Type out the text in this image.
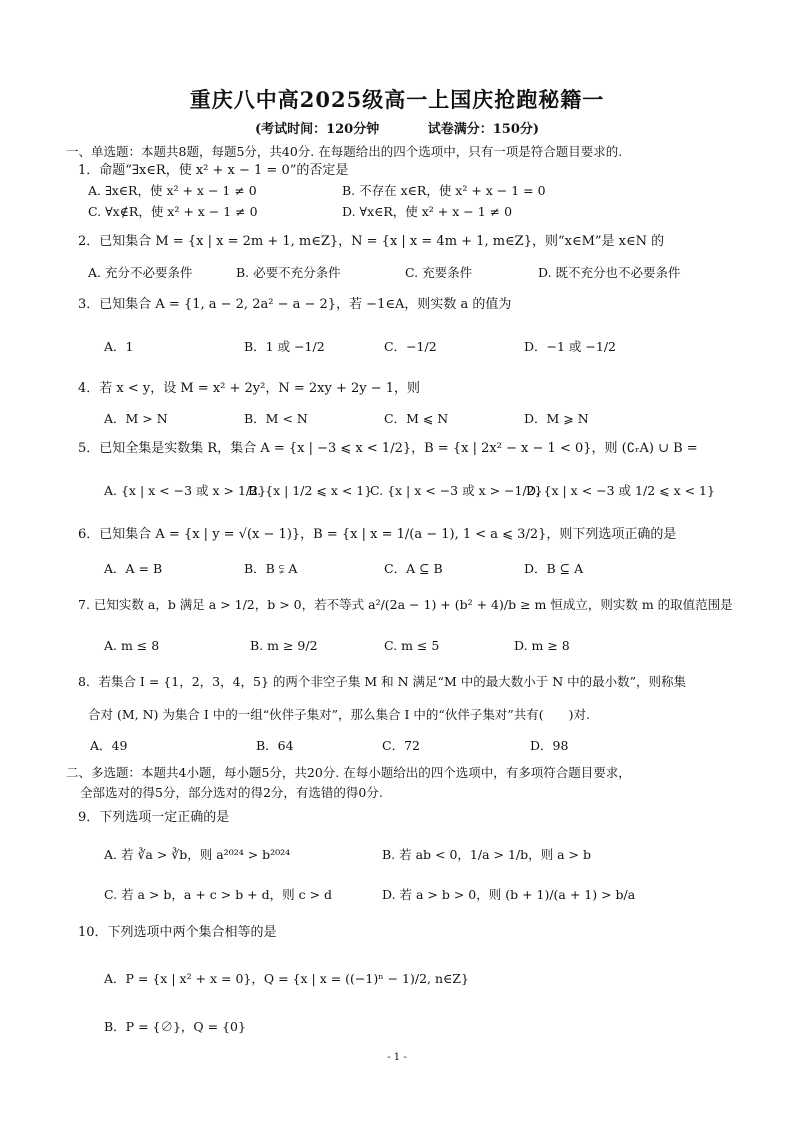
重庆八中高2025级高一上国庆抢跑秘籍一
(考试时间：120分钟	试卷满分：150分)
一、单选题：本题共8题，每题5分，共40分. 在每题给出的四个选项中，只有一项是符合题目要求的.
1．命题“∃x∈R，使 x² + x − 1 = 0”的否定是
A. ∃x∈R，使 x² + x − 1 ≠ 0	B. 不存在 x∈R，使 x² + x − 1 = 0
C. ∀x∉R，使 x² + x − 1 ≠ 0	D. ∀x∈R，使 x² + x − 1 ≠ 0
2．已知集合 M = {x | x = 2m + 1, m∈Z}，N = {x | x = 4m + 1, m∈Z}，则“x∈M”是 x∈N 的
A. 充分不必要条件	B. 必要不充分条件	C. 充要条件	D. 既不充分也不必要条件
3．已知集合 A = {1, a − 2, 2a² − a − 2}，若 −1∈A，则实数 a 的值为
A．1	B．1 或 −1/2	C．−1/2	D．−1 或 −1/2
4．若 x < y，设 M = x² + 2y²，N = 2xy + 2y − 1，则
A．M > N	B．M < N	C．M ⩽ N	D．M ⩾ N
5．已知全集是实数集 R，集合 A = {x | −3 ⩽ x < 1/2}，B = {x | 2x² − x − 1 < 0}，则 (∁ᵣA) ∪ B =
A. {x | x < −3 或 x > 1/2}
B. {x | 1/2 ⩽ x < 1}
C. {x | x < −3 或 x > −1/2}
D. {x | x < −3 或 1/2 ⩽ x < 1}
6．已知集合 A = {x | y = √(x − 1)}，B = {x | x = 1/(a − 1), 1 < a ⩽ 3/2}，则下列选项正确的是
A．A = B	B．B ⫋ A	C．A ⊆ B	D．B ⊆ A
7. 已知实数 a，b 满足 a > 1/2，b > 0，若不等式 a²/(2a − 1) + (b² + 4)/b ≥ m 恒成立，则实数 m 的取值范围是
A. m ≤ 8	B. m ≥ 9/2	C. m ≤ 5	D. m ≥ 8
8．若集合 I = {1，2，3，4，5} 的两个非空子集 M 和 N 满足“M 中的最大数小于 N 中的最小数”，则称集
合对 (M, N) 为集合 I 中的一组“伙伴子集对”，那么集合 I 中的“伙伴子集对”共有(　　)对.
A．49	B．64	C．72	D．98
二、多选题：本题共4小题，每小题5分，共20分. 在每小题给出的四个选项中，有多项符合题目要求，
全部选对的得5分，部分选对的得2分，有选错的得0分.
9．下列选项一定正确的是
A. 若 ∛a > ∛b，则 a²⁰²⁴ > b²⁰²⁴	B. 若 ab < 0，1/a > 1/b，则 a > b
C. 若 a > b，a + c > b + d，则 c > d	D. 若 a > b > 0，则 (b + 1)/(a + 1) > b/a
10．下列选项中两个集合相等的是
A．P = {x | x² + x = 0}，Q = {x | x = ((−1)ⁿ − 1)/2, n∈Z}
B．P = {∅}，Q = {0}
- 1 -
